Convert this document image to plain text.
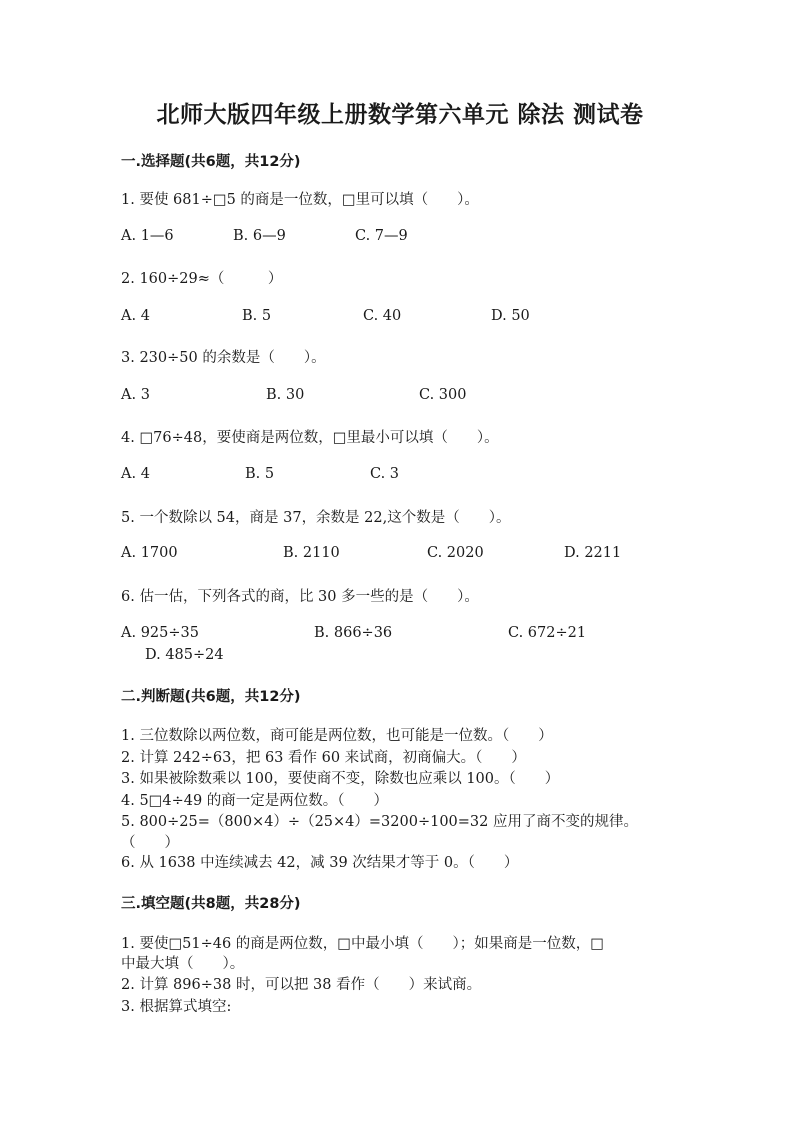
北师大版四年级上册数学第六单元 除法 测试卷
一.选择题(共6题，共12分)
1. 要使 681÷□5 的商是一位数，□里可以填（　　）。
A. 1—6	B. 6—9	C. 7—9
2. 160÷29≈（　　　）
A. 4	B. 5	C. 40	D. 50
3. 230÷50 的余数是（　　）。
A. 3	B. 30	C. 300
4. □76÷48，要使商是两位数，□里最小可以填（　　）。
A. 4	B. 5	C. 3
5. 一个数除以 54，商是 37，余数是 22,这个数是（　　）。
A. 1700	B. 2110	C. 2020	D. 2211
6. 估一估，下列各式的商，比 30 多一些的是（　　）。
A. 925÷35	B. 866÷36	C. 672÷21
D. 485÷24
二.判断题(共6题，共12分)
1. 三位数除以两位数，商可能是两位数，也可能是一位数。（　　）
2. 计算 242÷63，把 63 看作 60 来试商，初商偏大。（　　）
3. 如果被除数乘以 100，要使商不变，除数也应乘以 100。（　　）
4. 5□4÷49 的商一定是两位数。（　　）
5. 800÷25=（800×4）÷（25×4）=3200÷100=32 应用了商不变的规律。
（　　）
6. 从 1638 中连续减去 42，减 39 次结果才等于 0。（　　）
三.填空题(共8题，共28分)
1. 要使□51÷46 的商是两位数，□中最小填（　　）；如果商是一位数，□
中最大填（　　）。
2. 计算 896÷38 时，可以把 38 看作（　　）来试商。
3. 根据算式填空:
